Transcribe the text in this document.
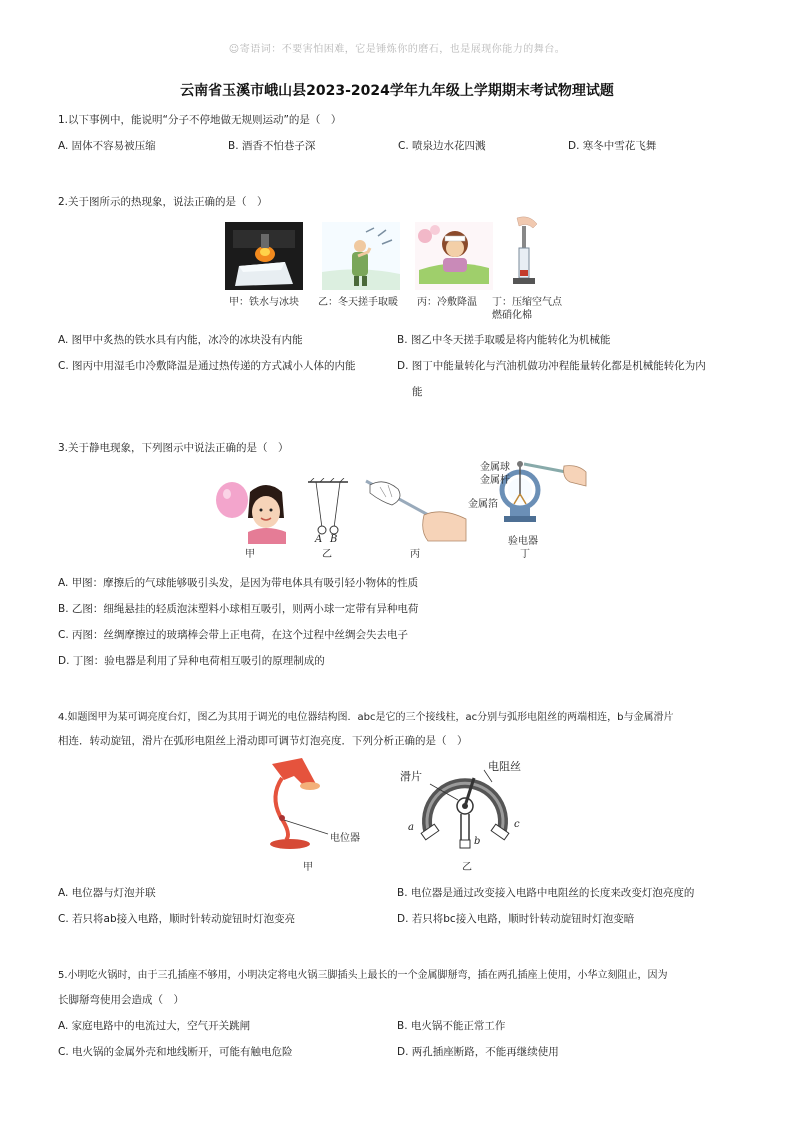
☺寄语词：不要害怕困难，它是锤炼你的磨石，也是展现你能力的舞台。
云南省玉溪市峨山县2023-2024学年九年级上学期期末考试物理试题
1.以下事例中，能说明“分子不停地做无规则运动”的是（　）
A. 固体不容易被压缩	B. 酒香不怕巷子深	C. 喷泉边水花四溅	D. 寒冬中雪花飞舞
2.关于图所示的热现象，说法正确的是（　）
甲：铁水与冰块 乙：冬天搓手取暖 丙：冷敷降温 丁：压缩空气点
燃硝化棉
A. 图甲中炙热的铁水具有内能，冰冷的冰块没有内能	B. 图乙中冬天搓手取暖是将内能转化为机械能
C. 图丙中用湿毛巾冷敷降温是通过热传递的方式减小人体的内能	D. 图丁中能量转化与汽油机做功冲程能量转化都是机械能转化为内
能
3.关于静电现象，下列图示中说法正确的是（　）
A B
金属球
金属杆
金属箔
验电器
甲	乙	丙	丁
A. 甲图：摩擦后的气球能够吸引头发，是因为带电体具有吸引轻小物体的性质
B. 乙图：细绳悬挂的轻质泡沫塑料小球相互吸引，则两小球一定带有异种电荷
C. 丙图：丝绸摩擦过的玻璃棒会带上正电荷，在这个过程中丝绸会失去电子
D. 丁图：验电器是利用了异种电荷相互吸引的原理制成的
4.如题图甲为某可调亮度台灯，图乙为其用于调光的电位器结构图．abc是它的三个接线柱，ac分别与弧形电阻丝的两端相连，b与金属滑片
相连．转动旋钮，滑片在弧形电阻丝上滑动即可调节灯泡亮度．下列分析正确的是（　）
电位器
甲
滑片
电阻丝
a
b
c
乙
A. 电位器与灯泡并联	B. 电位器是通过改变接入电路中电阻丝的长度来改变灯泡亮度的
C. 若只将ab接入电路，顺时针转动旋钮时灯泡变亮	D. 若只将bc接入电路，顺时针转动旋钮时灯泡变暗
5.小明吃火锅时，由于三孔插座不够用，小明决定将电火锅三脚插头上最长的一个金属脚掰弯，插在两孔插座上使用，小华立刻阻止，因为
长脚掰弯使用会造成（　）
A. 家庭电路中的电流过大，空气开关跳闸	B. 电火锅不能正常工作
C. 电火锅的金属外壳和地线断开，可能有触电危险	D. 两孔插座断路，不能再继续使用
